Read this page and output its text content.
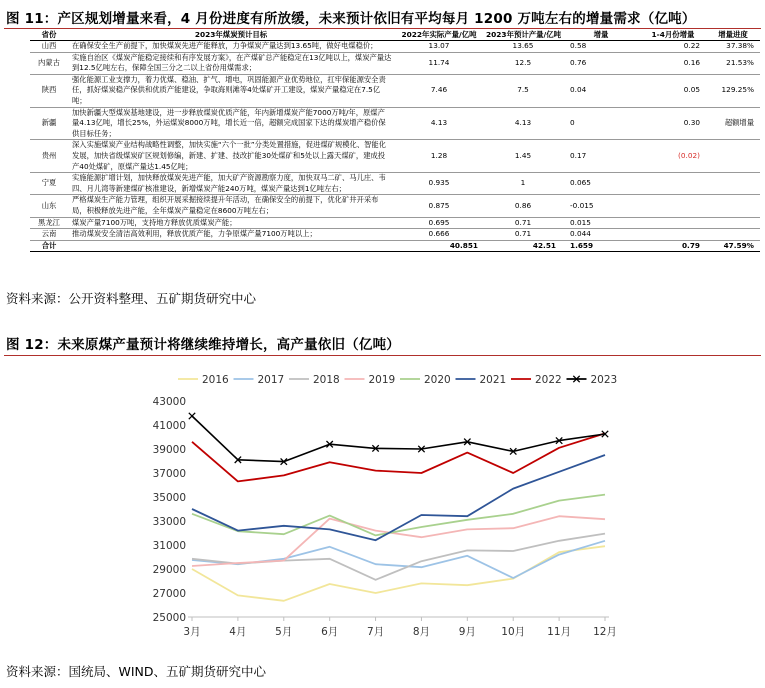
图 11：产区规划增量来看，4 月份进度有所放缓，未来预计依旧有平均每月 1200 万吨左右的增量需求（亿吨）
省份	2023年煤炭预计目标	2022年实际产量/亿吨	2023年预计产量/亿吨	增量	1-4月份增量	增量进度
山西	在确保安全生产前提下，加快煤炭先进产能释放，力争煤炭产量达到13.65吨，做好电煤稳价；	13.07	13.65	0.58	0.22	37.38%
内蒙古	实施自治区《煤炭产能稳定接续和有序发展方案》，在产煤矿总产能稳定在13亿吨以上，煤炭产量达到12.5亿吨左右，保障全国三分之二以上省份用煤需求；	11.74	12.5	0.76	0.16	21.53%
陕西	强化能源工业支撑力，着力优煤、稳油、扩气、增电，巩固能源产业优势地位，扛牢保能源安全责任，抓好煤炭稳产保供和优质产能建设，争取海则滩等4处煤矿开工建设，煤炭产量稳定在7.5亿吨；	7.46	7.5	0.04	0.05	129.25%
新疆	加快新疆大型煤炭基地建设，进一步释放煤炭优质产能，年内新增煤炭产能7000万吨/年，原煤产量4.13亿吨，增长25%，外运煤炭8000万吨，增长近一倍，超额完成国家下达的煤炭增产稳价保供目标任务；	4.13	4.13	0	0.30	超额增量
贵州	深入实施煤炭产业结构战略性调整，加快实施“六个一批”分类处置措施，促进煤矿规模化、智能化发展，加快省级煤炭矿区规划修编，新建、扩建、技改扩能30处煤矿和5处以上露天煤矿，建成投产40处煤矿，原煤产量达1.45亿吨；	1.28	1.45	0.17	(0.02)	
宁夏	实施能源扩增计划，加快释放煤炭先进产能，加大矿产资源勘察力度，加快双马二矿、马儿庄、韦四、月儿湾等新建煤矿核准建设，新增煤炭产能240万吨，煤炭产量达到1亿吨左右；	0.935	1	0.065		
山东	严格煤炭生产能力管理，组织开展采掘接续提升年活动，在确保安全的前提下，优化矿井开采布局，积极释放先进产能，全年煤炭产量稳定在8600万吨左右；	0.875	0.86	-0.015		
黑龙江	煤炭产量7100万吨，支持地方释放优质煤炭产能；	0.695	0.71	0.015		
云南	推动煤炭安全清洁高效利用，释放优质产能，力争原煤产量7100万吨以上；	0.666	0.71	0.044		
合计		40.851	42.51	1.659	0.79	47.59%
资料来源：公开资料整理、五矿期货研究中心
图 12：未来原煤产量预计将继续维持增长，高产量依旧（亿吨）
2016	2017	2018	2019	2020	2021	2022	2023
25000
27000
29000
31000
33000
35000
37000
39000
41000
43000
3月	4月	5月	6月	7月	8月	9月 10月 11月 12月
资料来源：国统局、WIND、五矿期货研究中心
